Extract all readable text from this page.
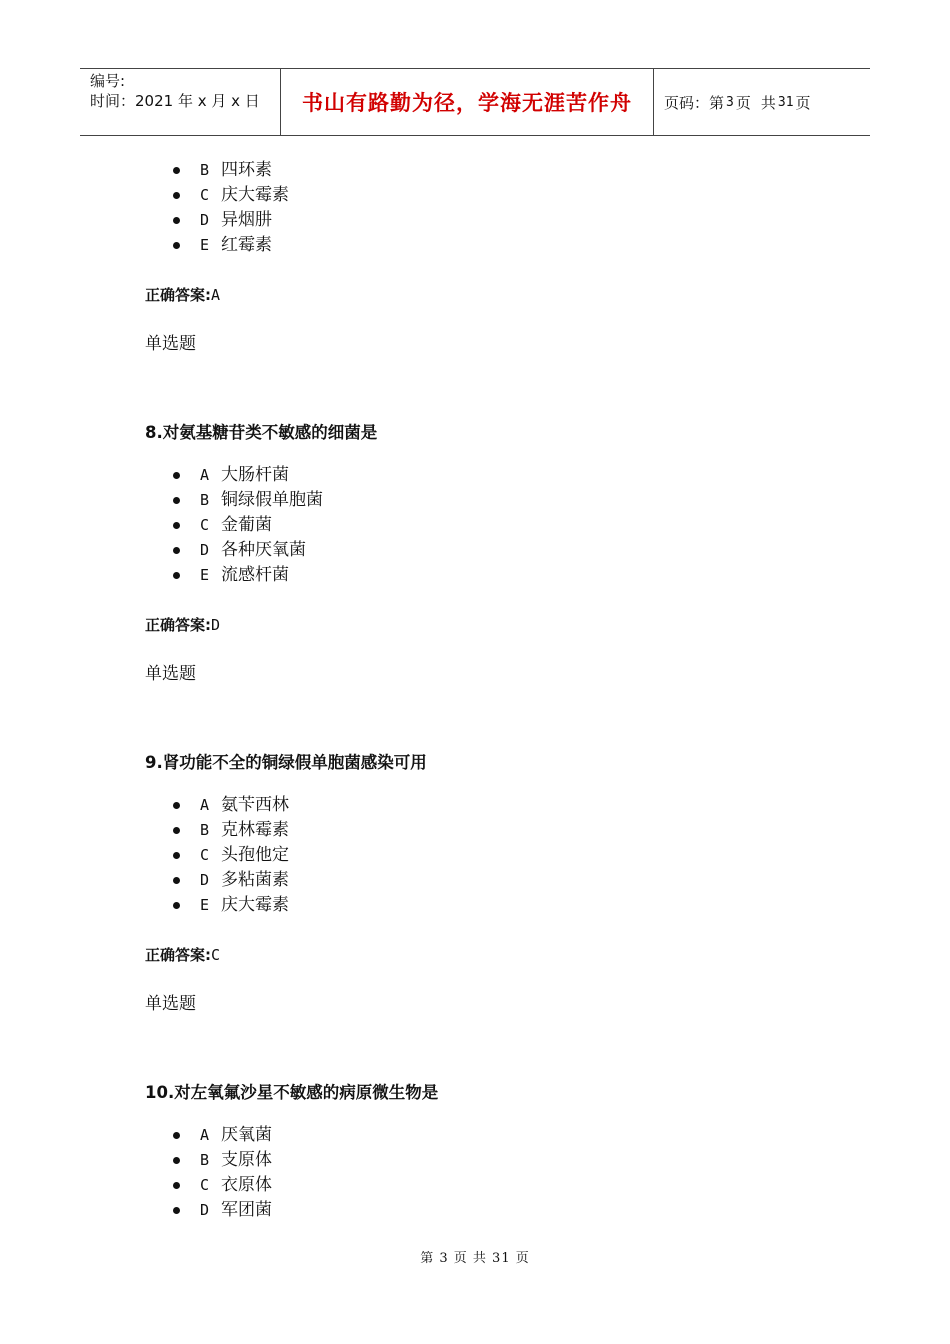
编号:
时间：2021 年 x 月 x 日	书山有路勤为径，学海无涯苦作舟 页码：第 3 页 共 31 页
B 四环素
C 庆大霉素
D 异烟肼
E 红霉素
正确答案:A
单选题
8.对氨基糖苷类不敏感的细菌是
A 大肠杆菌
B 铜绿假单胞菌
C 金葡菌
D 各种厌氧菌
E 流感杆菌
正确答案:D
单选题
9.肾功能不全的铜绿假单胞菌感染可用
A 氨苄西林
B 克林霉素
C 头孢他定
D 多粘菌素
E 庆大霉素
正确答案:C
单选题
10.对左氧氟沙星不敏感的病原微生物是
A 厌氧菌
B 支原体
C 衣原体
D 军团菌
第 3 页 共 31 页
